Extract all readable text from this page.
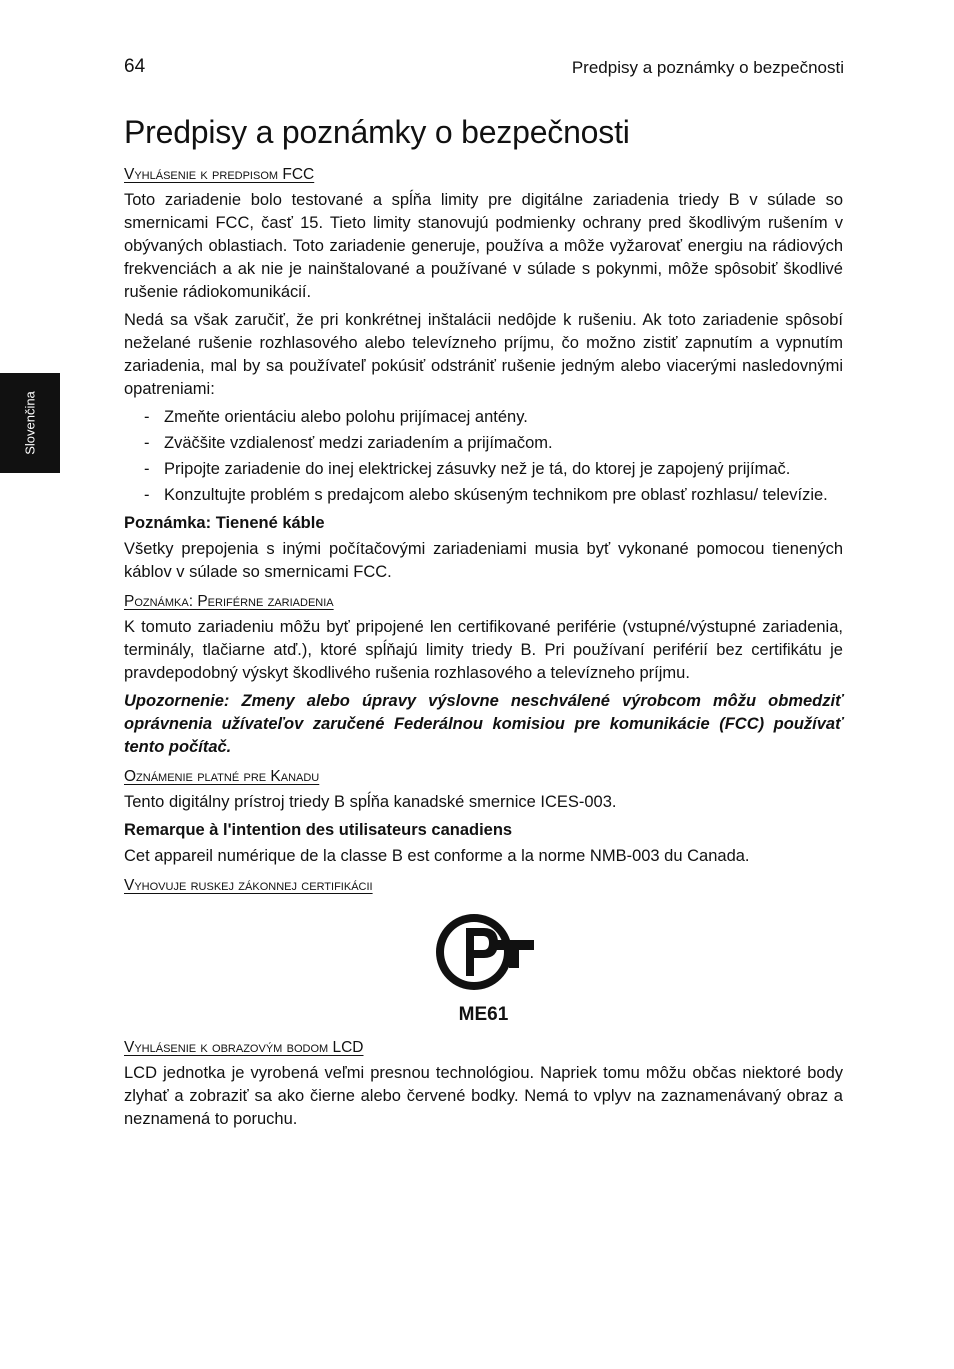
64	Predpisy a poznámky o bezpečnosti
Slovenčina
Predpisy a poznámky o bezpečnosti
Vyhlásenie k predpisom FCC

Toto zariadenie bolo testované a spĺňa limity pre digitálne zariadenia triedy B v súlade so smernicami FCC, časť 15. Tieto limity stanovujú podmienky ochrany pred škodlivým rušením v obývaných oblastiach. Toto zariadenie generuje, používa a môže vyžarovať energiu na rádiových frekvenciách a ak nie je nainštalované a používané v súlade s pokynmi, môže spôsobiť škodlivé rušenie rádiokomunikácií.

Nedá sa však zaručiť, že pri konkrétnej inštalácii nedôjde k rušeniu. Ak toto zariadenie spôsobí neželané rušenie rozhlasového alebo televízneho príjmu, čo možno zistiť zapnutím a vypnutím zariadenia, mal by sa používateľ pokúsiť odstrániť rušenie jedným alebo viacerými nasledovnými opatreniami:

- Zmeňte orientáciu alebo polohu prijímacej antény.
- Zväčšite vzdialenosť medzi zariadením a prijímačom.
- Pripojte zariadenie do inej elektrickej zásuvky než je tá, do ktorej je zapojený prijímač.
- Konzultujte problém s predajcom alebo skúseným technikom pre oblasť rozhlasu/ televízie.

Poznámka: Tienené káble

Všetky prepojenia s inými počítačovými zariadeniami musia byť vykonané pomocou tienených káblov v súlade so smernicami FCC.

Poznámka: Periférne zariadenia

K tomuto zariadeniu môžu byť pripojené len certifikované periférie (vstupné/výstupné zariadenia, terminály, tlačiarne atď.), ktoré spĺňajú limity triedy B. Pri používaní periférií bez certifikátu je pravdepodobný výskyt škodlivého rušenia rozhlasového a televízneho príjmu.

Upozornenie: Zmeny alebo úpravy výslovne neschválené výrobcom môžu obmedziť oprávnenia užívateľov zaručené Federálnou komisiou pre komunikácie (FCC) používať tento počítač.

Oznámenie platné pre Kanadu

Tento digitálny prístroj triedy B spĺňa kanadské smernice ICES-003.

Remarque à l'intention des utilisateurs canadiens

Cet appareil numérique de la classe B est conforme a la norme NMB-003 du Canada.

Vyhovuje ruskej zákonnej certifikácii
ME61
Vyhlásenie k obrazovým bodom LCD

LCD jednotka je vyrobená veľmi presnou technológiou. Napriek tomu môžu občas niektoré body zlyhať a zobraziť sa ako čierne alebo červené bodky. Nemá to vplyv na zaznamenávaný obraz a neznamená to poruchu.
